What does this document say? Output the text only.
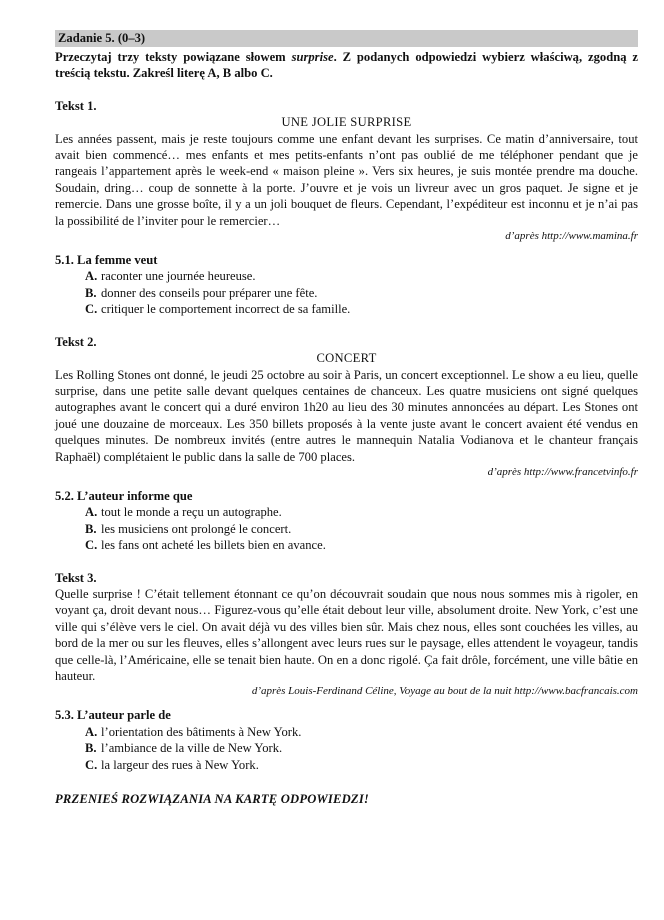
Zadanie 5. (0–3)
Przeczytaj trzy teksty powiązane słowem surprise. Z podanych odpowiedzi wybierz właściwą, zgodną z treścią tekstu. Zakreśl literę A, B albo C.
Tekst 1.
UNE JOLIE SURPRISE

Les années passent, mais je reste toujours comme une enfant devant les surprises. Ce matin d’anniversaire, tout avait bien commencé… mes enfants et mes petits-enfants n’ont pas oublié de me téléphoner pendant que je rangeais l’appartement après le week-end « maison pleine ». Vers six heures, je suis montée prendre ma douche. Soudain, dring… coup de sonnette à la porte. J’ouvre et je vois un livreur avec un gros paquet. Je signe et je remercie. Dans une grosse boîte, il y a un joli bouquet de fleurs. Cependant, l’expéditeur est inconnu et je n’ai pas la possibilité de l’inviter pour le remercier…

d’après http://www.mamina.fr
5.1. La femme veut
A. raconter une journée heureuse.
B. donner des conseils pour préparer une fête.
C. critiquer le comportement incorrect de sa famille.
Tekst 2.
CONCERT

Les Rolling Stones ont donné, le jeudi 25 octobre au soir à Paris, un concert exceptionnel. Le show a eu lieu, quelle surprise, dans une petite salle devant quelques centaines de chanceux. Les quatre musiciens ont signé quelques autographes avant le concert qui a duré environ 1h20 au lieu des 30 minutes annoncées au départ. Les Stones ont joué une douzaine de morceaux. Les 350 billets proposés à la vente juste avant le concert avaient été vendus en quelques minutes. De nombreux invités (entre autres le mannequin Natalia Vodianova et le chanteur français Raphaël) complétaient le public dans la salle de 700 places.

d’après http://www.francetvinfo.fr
5.2. L’auteur informe que
A. tout le monde a reçu un autographe.
B. les musiciens ont prolongé le concert.
C. les fans ont acheté les billets bien en avance.
Tekst 3.

Quelle surprise ! C’était tellement étonnant ce qu’on découvrait soudain que nous nous sommes mis à rigoler, en voyant ça, droit devant nous… Figurez-vous qu’elle était debout leur ville, absolument droite. New York, c’est une ville qui s’élève vers le ciel. On avait déjà vu des villes bien sûr. Mais chez nous, elles sont couchées les villes, au bord de la mer ou sur les fleuves, elles s’allongent avec leurs rues sur le paysage, elles attendent le voyageur, tandis que celle-là, l’Américaine, elle se tenait bien haute. On en a donc rigolé. Ça fait drôle, forcément, une ville bâtie en hauteur.

d’après Louis-Ferdinand Céline, Voyage au bout de la nuit http://www.bacfrancais.com
5.3. L’auteur parle de
A. l’orientation des bâtiments à New York.
B. l’ambiance de la ville de New York.
C. la largeur des rues à New York.
PRZENIEŚ ROZWIĄZANIA NA KARTĘ ODPOWIEDZI!
